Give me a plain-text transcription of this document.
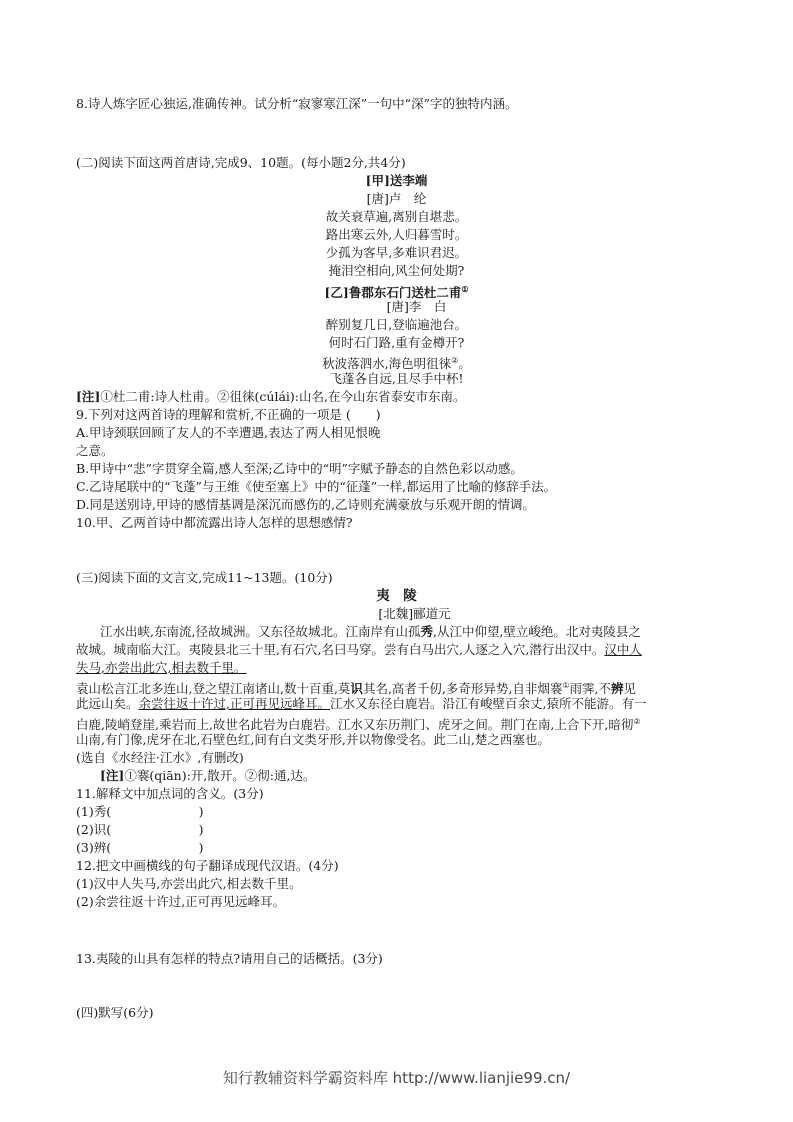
8.诗人炼字匠心独运,准确传神。试分析“寂寥寒江深”一句中“深”字的独特内涵。
(二)阅读下面这两首唐诗,完成9、10题。(每小题2分,共4分)
[甲]送李端
[唐]卢　纶
故关衰草遍,离别自堪悲。
路出寒云外,人归暮雪时。
少孤为客早,多难识君迟。
掩泪空相向,风尘何处期?
[乙]鲁郡东石门送杜二甫①
[唐]李　白
醉别复几日,登临遍池台。
何时石门路,重有金樽开?
秋波落泗水,海色明徂徕②。
飞蓬各自远,且尽手中杯!
[注]①杜二甫:诗人杜甫。②徂徕(cúlái):山名,在今山东省泰安市东南。
9.下列对这两首诗的理解和赏析,不正确的一项是 (　　)
A.甲诗颈联回顾了友人的不幸遭遇,表达了两人相见恨晚
之意。
B.甲诗中“悲”字贯穿全篇,感人至深;乙诗中的“明”字赋予静态的自然色彩以动感。
C.乙诗尾联中的“飞蓬”与王维《使至塞上》中的“征蓬”一样,都运用了比喻的修辞手法。
D.同是送别诗,甲诗的感情基调是深沉而感伤的,乙诗则充满豪放与乐观开朗的情调。
10.甲、乙两首诗中都流露出诗人怎样的思想感情?
(三)阅读下面的文言文,完成11~13题。(10分)
夷　陵
[北魏]郦道元
江水出峡,东南流,径故城洲。又东径故城北。江南岸有山孤秀,从江中仰望,壁立峻绝。北对夷陵县之
故城。城南临大江。夷陵县北三十里,有石穴,名曰马穿。尝有白马出穴,人逐之入穴,潜行出汉中。汉中人
失马,亦尝出此穴,相去数千里。
袁山松言江北多连山,登之望江南诸山,数十百重,莫识其名,高者千仞,多奇形异势,自非烟褰①雨霁,不辨见
此远山矣。余尝往返十许过,正可再见远峰耳。江水又东径白鹿岩。沿江有峻壁百余丈,猿所不能游。有一
白鹿,陵峭登崖,乘岩而上,故世名此岩为白鹿岩。江水又东历荆门、虎牙之间。荆门在南,上合下开,暗彻②
山南,有门像,虎牙在北,石壁色红,间有白文类牙形,并以物像受名。此二山,楚之西塞也。
(选自《水经注·江水》,有删改)
[注]①褰(qiān):开,散开。②彻:通,达。
11.解释文中加点词的含义。(3分)
(1)秀(　　　　　　　)
(2)识(　　　　　　　)
(3)辨(　　　　　　　)
12.把文中画横线的句子翻译成现代汉语。(4分)
(1)汉中人失马,亦尝出此穴,相去数千里。
(2)余尝往返十许过,正可再见远峰耳。
13.夷陵的山具有怎样的特点?请用自己的话概括。(3分)
(四)默写(6分)
知行教辅资料学霸资料库 http://www.lianjie99.cn/
